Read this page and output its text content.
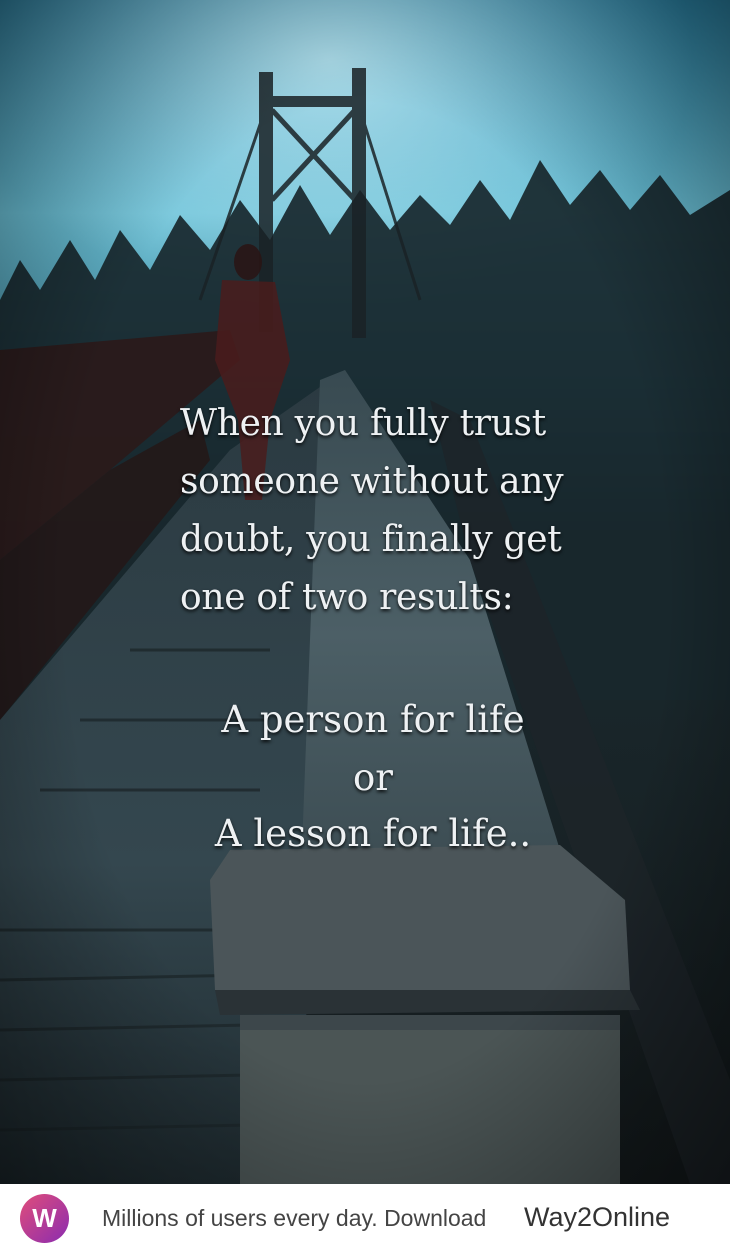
When you fully trust
someone without any
doubt, you finally get
one of two results:
A person for life
or
A lesson for life..
W	Millions of users every day. Download Way2Online
